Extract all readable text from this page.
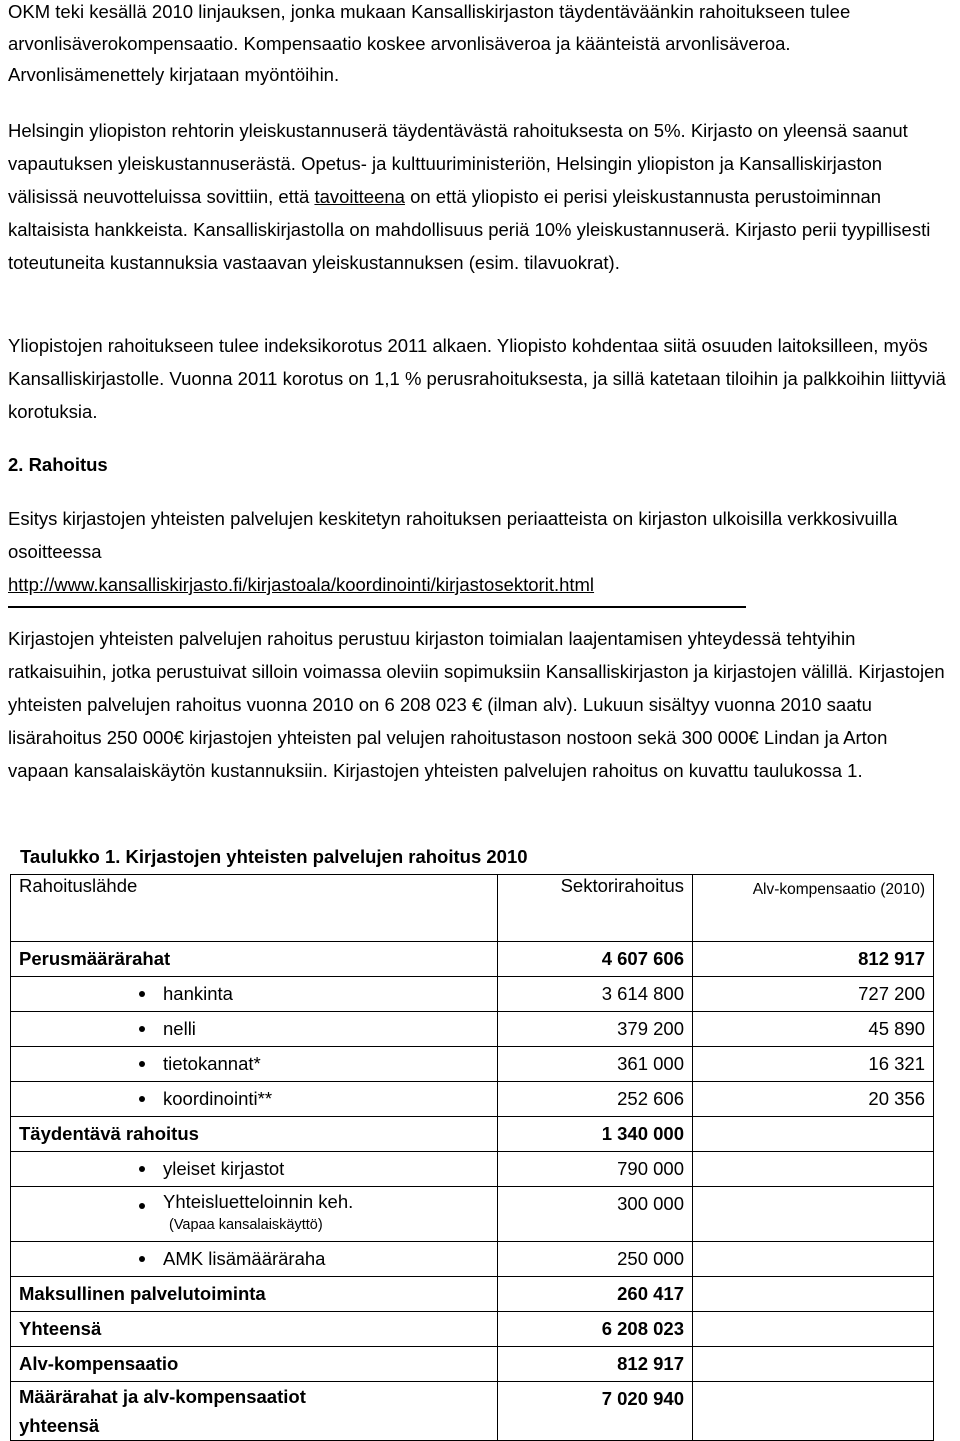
OKM teki kesällä 2010 linjauksen, jonka mukaan Kansalliskirjaston täydentäväänkin rahoitukseen tulee arvonlisäverokompensaatio. Kompensaatio koskee arvonlisäveroa ja käänteistä arvonlisäveroa. Arvonlisämenettely kirjataan myöntöihin.

Helsingin yliopiston rehtorin yleiskustannuserä täydentävästä rahoituksesta on 5%. Kirjasto on yleensä saanut vapautuksen yleiskustannuserästä. Opetus- ja kulttuuriministeriön, Helsingin yliopiston ja Kansalliskirjaston välisissä neuvotteluissa sovittiin, että tavoitteena on että yliopisto ei perisi yleiskustannusta perustoiminnan kaltaisista hankkeista. Kansalliskirjastolla on mahdollisuus periä 10% yleiskustannuserä. Kirjasto perii tyypillisesti toteutuneita kustannuksia vastaavan yleiskustannuksen (esim. tilavuokrat).

Yliopistojen rahoitukseen tulee indeksikorotus 2011 alkaen. Yliopisto kohdentaa siitä osuuden laitoksilleen, myös Kansalliskirjastolle. Vuonna 2011 korotus on 1,1 % perusrahoituksesta, ja sillä katetaan tiloihin ja palkkoihin liittyviä korotuksia.

2. Rahoitus

Esitys kirjastojen yhteisten palvelujen keskitetyn rahoituksen periaatteista on kirjaston ulkoisilla verkkosivuilla osoitteessa

http://www.kansalliskirjasto.fi/kirjastoala/koordinointi/kirjastosektorit.html

Kirjastojen yhteisten palvelujen rahoitus perustuu kirjaston toimialan laajentamisen yhteydessä tehtyihin ratkaisuihin, jotka perustuivat silloin voimassa oleviin sopimuksiin Kansalliskirjaston ja kirjastojen välillä. Kirjastojen yhteisten palvelujen rahoitus vuonna 2010 on 6 208 023 € (ilman alv). Lukuun sisältyy vuonna 2010 saatu lisärahoitus 250 000€ kirjastojen yhteisten pal velujen rahoitustason nostoon sekä 300 000€ Lindan ja Arton vapaan kansalaiskäytön kustannuksiin. Kirjastojen yhteisten palvelujen rahoitus on kuvattu taulukossa 1.

Taulukko 1. Kirjastojen yhteisten palvelujen rahoitus 2010
Rahoituslähde	Sektorirahoitus	Alv-kompensaatio (2010)
Perusmäärärahat	4 607 606	812 917

hankinta	3 614 800	727 200

nelli	379 200	45 890

tietokannat*	361 000	16 321

koordinointi**	252 606	20 356
Täydentävä rahoitus	1 340 000	

yleiset kirjastot	790 000	

Yhteisluetteloinnin keh.
(Vapaa kansalaiskäyttö)	300 000	

AMK lisämääräraha	250 000	
Maksullinen palvelutoiminta	260 417	
Yhteensä	6 208 023	
Alv-kompensaatio	812 917	

Määrärahat ja alv-kompensaatiot yhteensä	7 020 940	
